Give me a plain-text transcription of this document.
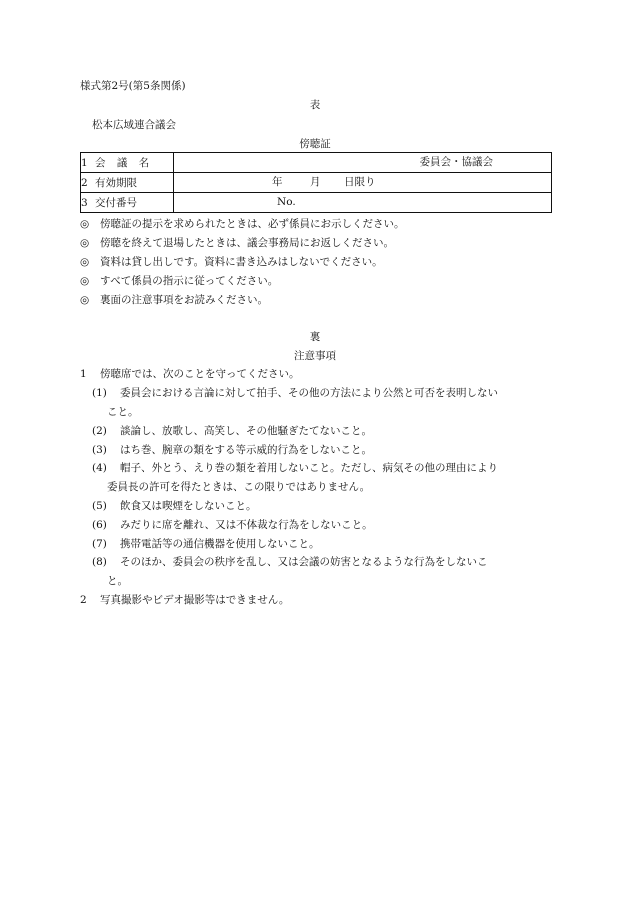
様式第2号(第5条関係)
表
松本広域連合議会
傍聴証
1 会 議 名	委員会・協議会

2 有効期限	年 月 日限り

3 交付番号	No.
◎ 傍聴証の提示を求められたときは、必ず係員にお示しください。
◎ 傍聴を終えて退場したときは、議会事務局にお返しください。
◎ 資料は貸し出しです。資料に書き込みはしないでください。
◎ すべて係員の指示に従ってください。
◎ 裏面の注意事項をお読みください。
裏
注意事項
1 傍聴席では、次のことを守ってください。
(1) 委員会における言論に対して拍手、その他の方法により公然と可否を表明しない
こと。
(2) 談論し、放歌し、高笑し、その他騒ぎたてないこと。
(3) はち巻、腕章の類をする等示威的行為をしないこと。
(4) 帽子、外とう、えり巻の類を着用しないこと。ただし、病気その他の理由により
委員長の許可を得たときは、この限りではありません。
(5) 飲食又は喫煙をしないこと。
(6) みだりに席を離れ、又は不体裁な行為をしないこと。
(7) 携帯電話等の通信機器を使用しないこと。
(8) そのほか、委員会の秩序を乱し、又は会議の妨害となるような行為をしないこ
と。
2 写真撮影やビデオ撮影等はできません。
